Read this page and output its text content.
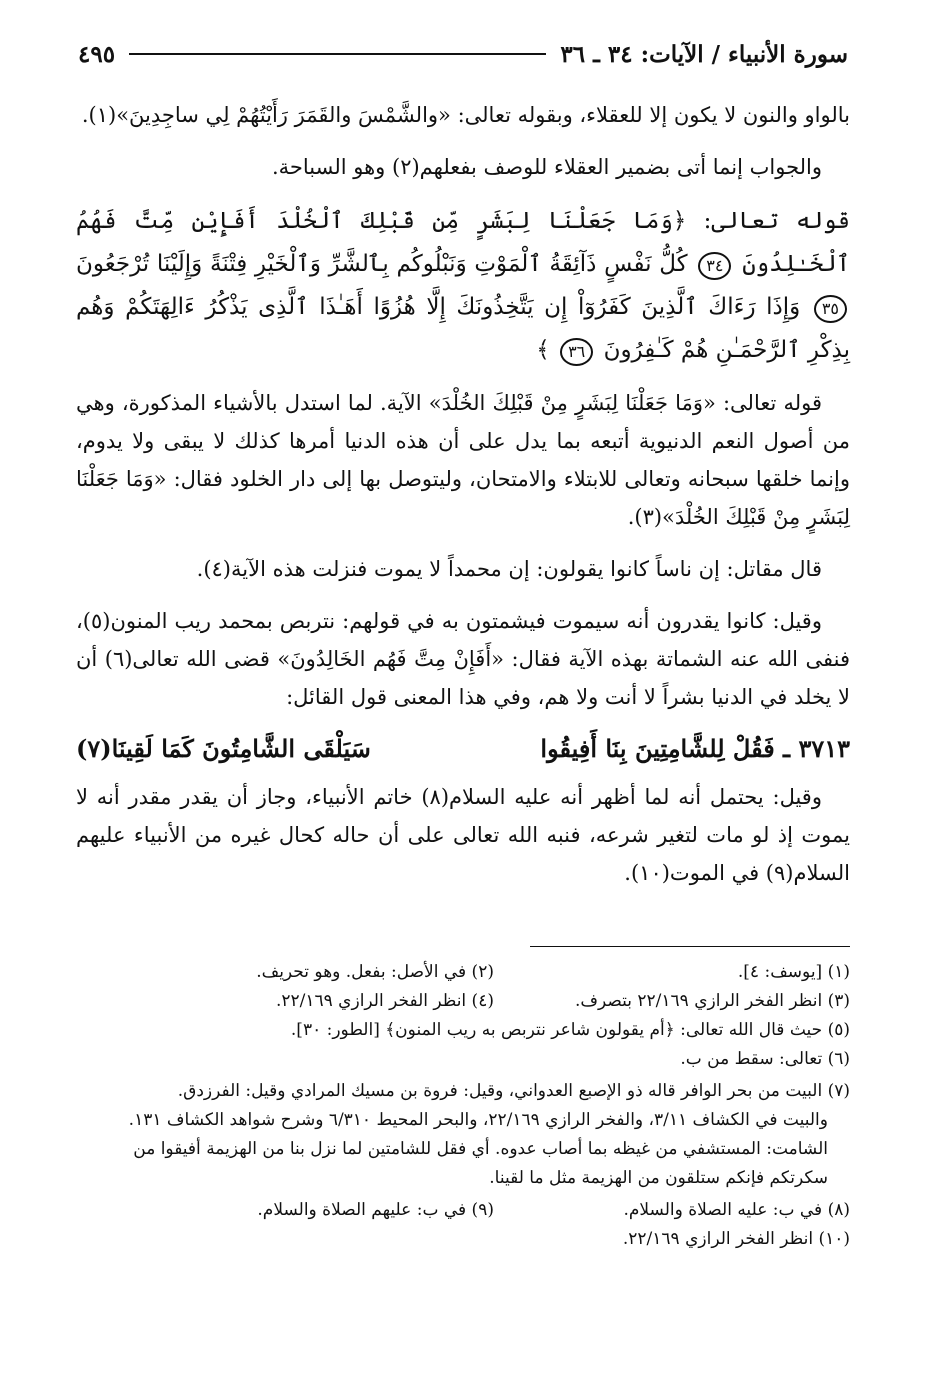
سورة الأنبياء / الآيات: ٣٤ ـ ٣٦
٤٩٥

بالواو والنون لا يكون إلا للعقلاء، وبقوله تعالى: «والشَّمْسَ والقَمَرَ رَأَيْتُهُمْ لِي ساجِدِينَ»(١).

والجواب إنما أتى بضمير العقلاء للوصف بفعلهم(٢) وهو السباحة.

قوله تعالى: ﴿وَمَا جَعَلْنَا لِبَشَرٍ مِّن قَبْلِكَ ٱلْخُلْدَ أَفَإِيْن مِّتَّ فَهُمُ ٱلْخَـٰلِدُونَ ٣٤ كُلُّ نَفْسٍ ذَآئِقَةُ ٱلْمَوْتِ وَنَبْلُوكُم بِٱلشَّرِّ وَٱلْخَيْرِ فِتْنَةً وَإِلَيْنَا تُرْجَعُونَ ٣٥ وَإِذَا رَءَاكَ ٱلَّذِينَ كَفَرُوٓاْ إِن يَتَّخِذُونَكَ إِلَّا هُزُوًا أَهَـٰذَا ٱلَّذِى يَذْكُرُ ءَالِهَتَكُمْ وَهُم بِذِكْرِ ٱلرَّحْمَـٰنِ هُمْ كَـٰفِرُونَ ٣٦ ﴾

قوله تعالى: «وَمَا جَعَلْنَا لِبَشَرٍ مِنْ قَبْلِكَ الخُلْدَ» الآية. لما استدل بالأشياء المذكورة، وهي من أصول النعم الدنيوية أتبعه بما يدل على أن هذه الدنيا أمرها كذلك لا يبقى ولا يدوم، وإنما خلقها سبحانه وتعالى للابتلاء والامتحان، وليتوصل بها إلى دار الخلود فقال: «وَمَا جَعَلْنَا لِبَشَرٍ مِنْ قَبْلِكَ الخُلْدَ»(٣).

قال مقاتل: إن ناساً كانوا يقولون: إن محمداً لا يموت فنزلت هذه الآية(٤).

وقيل: كانوا يقدرون أنه سيموت فيشمتون به في قولهم: نتربص بمحمد ريب المنون(٥)، فنفى الله عنه الشماتة بهذه الآية فقال: «أَفَإِنْ مِتَّ فَهُم الخَالِدُونَ» قضى الله تعالى(٦) أن لا يخلد في الدنيا بشراً لا أنت ولا هم، وفي هذا المعنى قول القائل:

٣٧١٣ ـ فَقُلْ لِلشَّامِتِينَ بِنَا أَفِيقُوا
سَيَلْقَى الشَّامِتُونَ كَمَا لَقِينَا(٧)

وقيل: يحتمل أنه لما أظهر أنه عليه السلام(٨) خاتم الأنبياء، وجاز أن يقدر مقدر أنه لا يموت إذ لو مات لتغير شرعه، فنبه الله تعالى على أن حاله كحال غيره من الأنبياء عليهم السلام(٩) في الموت(١٠).

(١) [يوسف: ٤].
(٢) في الأصل: بفعل. وهو تحريف.
(٣) انظر الفخر الرازي ٢٢/١٦٩ بتصرف.
(٤) انظر الفخر الرازي ٢٢/١٦٩.

(٥) حيث قال الله تعالى: ﴿أم يقولون شاعر نتربص به ريب المنون﴾ [الطور: ٣٠].

(٦) تعالى: سقط من ب.

(٧) البيت من بحر الوافر قاله ذو الإصبع العدواني، وقيل: فروة بن مسيك المرادي وقيل: الفرزدق.

والبيت في الكشاف ٣/١١، والفخر الرازي ٢٢/١٦٩، والبحر المحيط ٦/٣١٠ وشرح شواهد الكشاف ١٣١.

الشامت: المستشفي من غيظه بما أصاب عدوه. أي فقل للشامتين لما نزل بنا من الهزيمة أفيقوا من سكرتكم فإنكم ستلقون من الهزيمة مثل ما لقينا.

(٨) في ب: عليه الصلاة والسلام.
(٩) في ب: عليهم الصلاة والسلام.

(١٠) انظر الفخر الرازي ٢٢/١٦٩.
